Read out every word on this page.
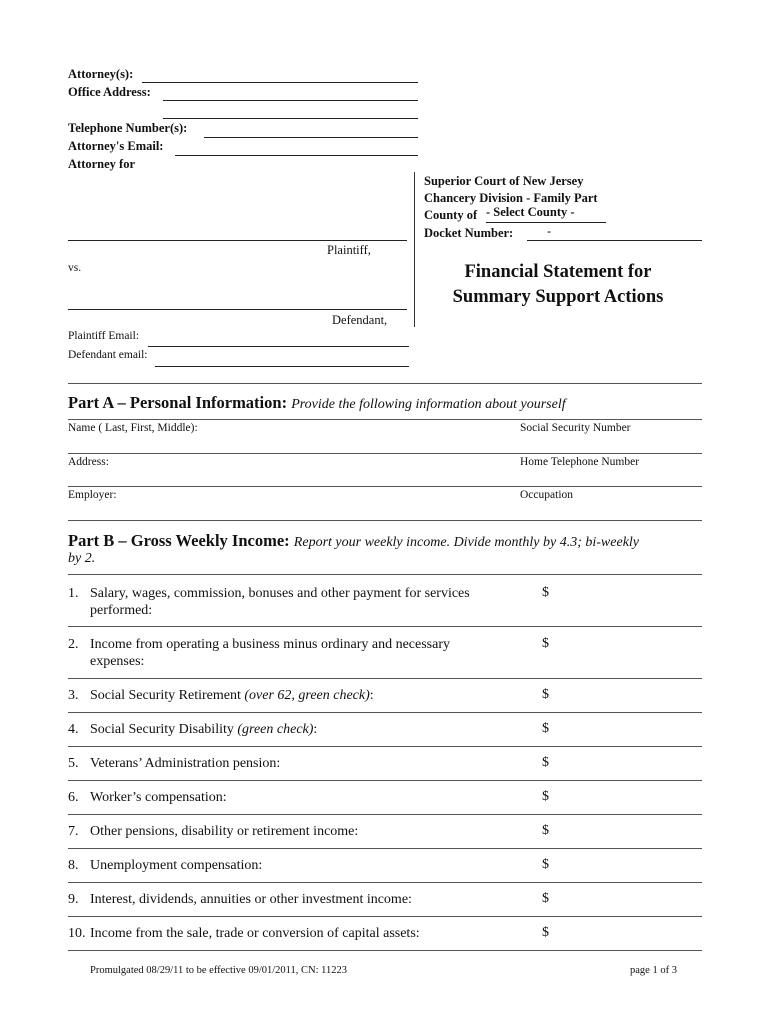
Attorney(s):
Office Address:
Telephone Number(s):
Attorney's Email:
Attorney for
Plaintiff,
vs.
Defendant,
Plaintiff Email:
Defendant email:
Superior Court of New Jersey
Chancery Division - Family Part
County of - Select County -
Docket Number:	-
Financial Statement for
Summary Support Actions
Part A – Personal Information: Provide the following information about yourself
Name ( Last, First, Middle):	Social Security Number
Address:	Home Telephone Number
Employer:	Occupation
Part B – Gross Weekly Income: Report your weekly income. Divide monthly by 4.3; bi-weekly
by 2.
1. Salary, wages, commission, bonuses and other payment for services
performed:
$
2. Income from operating a business minus ordinary and necessary
expenses:
$
3. Social Security Retirement (over 62, green check):	$
4. Social Security Disability (green check):	$
5. Veterans’ Administration pension:	$
6. Worker’s compensation:	$
7. Other pensions, disability or retirement income:	$
8. Unemployment compensation:	$
9. Interest, dividends, annuities or other investment income:	$
10. Income from the sale, trade or conversion of capital assets:	$
Promulgated 08/29/11 to be effective 09/01/2011, CN: 11223	page 1 of 3
